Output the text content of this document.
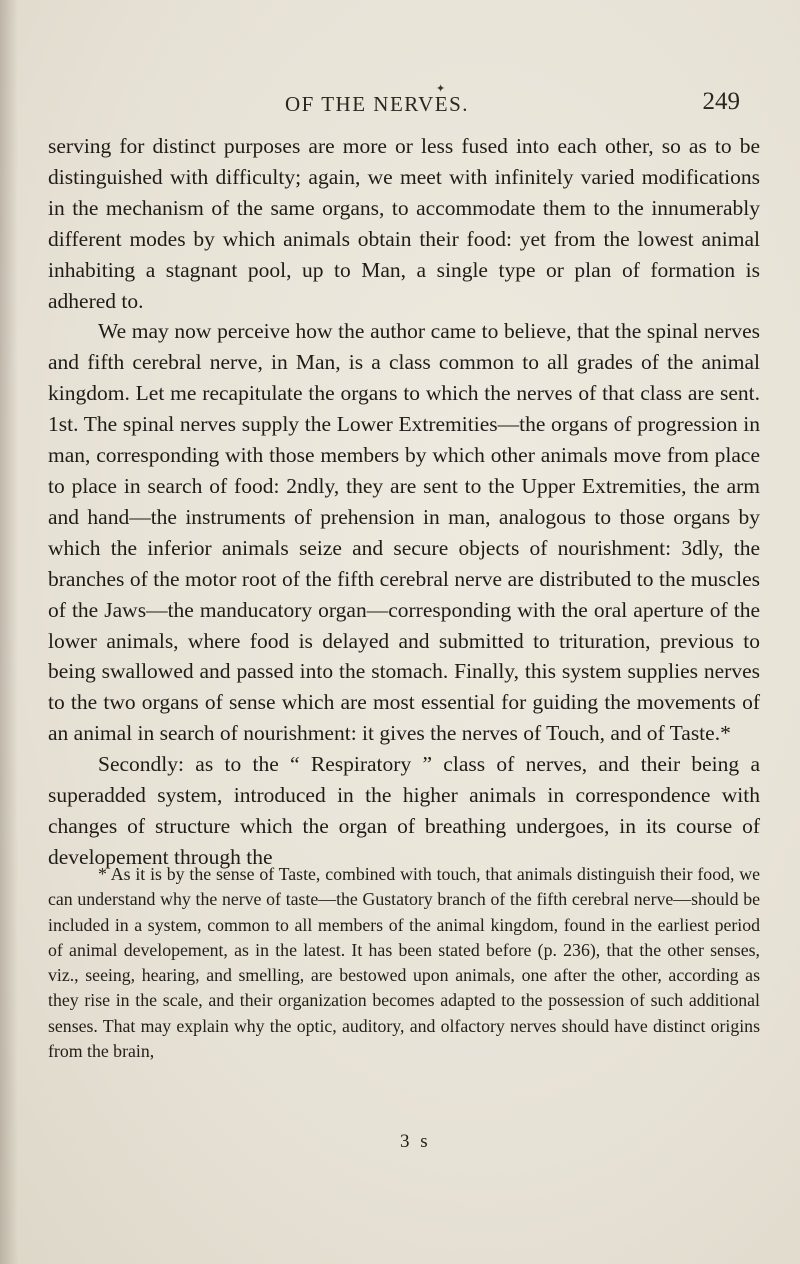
OF THE NERVES.
✦	249

serving for distinct purposes are more or less fused into each other, so as to be distinguished with difficulty; again, we meet with infinitely varied modifications in the mechanism of the same organs, to accommodate them to the innumerably different modes by which animals obtain their food: yet from the lowest animal inhabiting a stagnant pool, up to Man, a single type or plan of formation is adhered to.

We may now perceive how the author came to believe, that the spinal nerves and fifth cerebral nerve, in Man, is a class common to all grades of the animal kingdom. Let me recapitulate the organs to which the nerves of that class are sent. 1st. The spinal nerves supply the Lower Extremities—the organs of progression in man, corresponding with those members by which other animals move from place to place in search of food: 2ndly, they are sent to the Upper Extremities, the arm and hand—the instruments of prehension in man, analogous to those organs by which the inferior animals seize and secure objects of nourishment: 3dly, the branches of the motor root of the fifth cerebral nerve are distributed to the muscles of the Jaws—the manducatory organ—corresponding with the oral aperture of the lower animals, where food is delayed and submitted to trituration, previous to being swallowed and passed into the stomach. Finally, this system supplies nerves to the two organs of sense which are most essential for guiding the movements of an animal in search of nourishment: it gives the nerves of Touch, and of Taste.*

Secondly: as to the “ Respiratory ” class of nerves, and their being a superadded system, introduced in the higher animals in correspondence with changes of structure which the organ of breathing undergoes, in its course of developement through the

* As it is by the sense of Taste, combined with touch, that animals distinguish their food, we can understand why the nerve of taste—the Gustatory branch of the fifth cerebral nerve—should be included in a system, common to all members of the animal kingdom, found in the earliest period of animal developement, as in the latest. It has been stated before (p. 236), that the other senses, viz., seeing, hearing, and smelling, are bestowed upon animals, one after the other, according as they rise in the scale, and their organization becomes adapted to the possession of such additional senses. That may explain why the optic, auditory, and olfactory nerves should have distinct origins from the brain,
3 s
